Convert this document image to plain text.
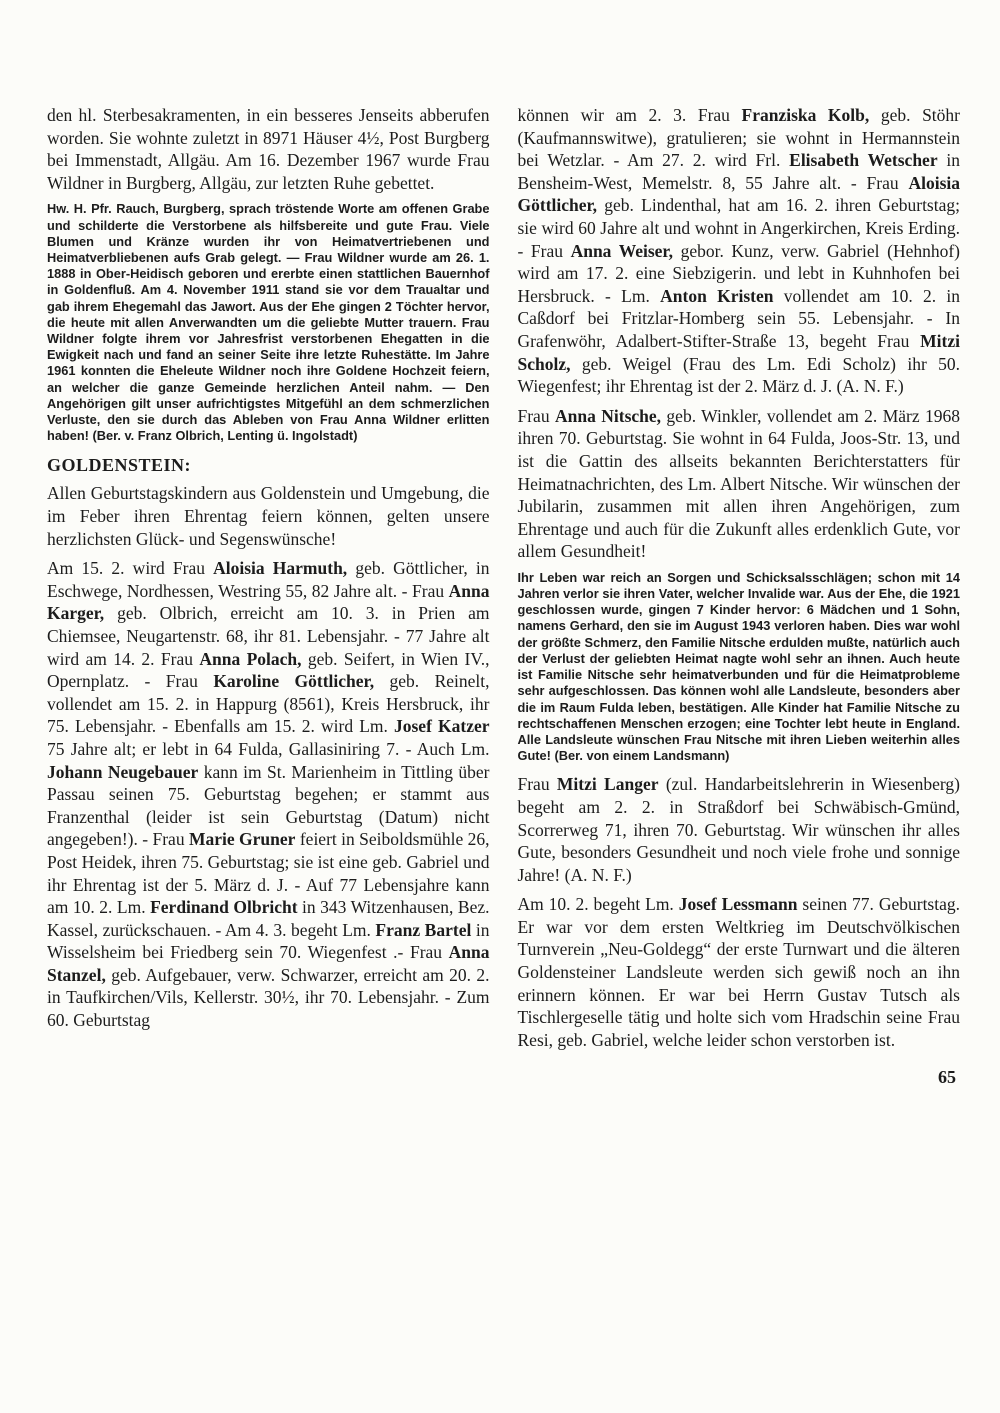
den hl. Sterbesakramenten, in ein besseres Jenseits abberufen worden. Sie wohnte zuletzt in 8971 Häuser 4½, Post Burgberg bei Immenstadt, Allgäu. Am 16. Dezember 1967 wurde Frau Wildner in Burgberg, Allgäu, zur letzten Ruhe gebettet.

Hw. H. Pfr. Rauch, Burgberg, sprach tröstende Worte am offenen Grabe und schilderte die Verstorbene als hilfsbereite und gute Frau. Viele Blumen und Kränze wurden ihr von Heimatvertriebenen und Heimatverbliebenen aufs Grab gelegt. — Frau Wildner wurde am 26. 1. 1888 in Ober-Heidisch geboren und ererbte einen stattlichen Bauernhof in Goldenfluß. Am 4. November 1911 stand sie vor dem Traualtar und gab ihrem Ehegemahl das Jawort. Aus der Ehe gingen 2 Töchter hervor, die heute mit allen Anverwandten um die geliebte Mutter trauern. Frau Wildner folgte ihrem vor Jahresfrist verstorbenen Ehegatten in die Ewigkeit nach und fand an seiner Seite ihre letzte Ruhestätte. Im Jahre 1961 konnten die Eheleute Wildner noch ihre Goldene Hochzeit feiern, an welcher die ganze Gemeinde herzlichen Anteil nahm. — Den Angehörigen gilt unser aufrichtigstes Mitgefühl an dem schmerzlichen Verluste, den sie durch das Ableben von Frau Anna Wildner erlitten haben! (Ber. v. Franz Olbrich, Lenting ü. Ingolstadt)

GOLDENSTEIN:

Allen Geburtstagskindern aus Goldenstein und Umgebung, die im Feber ihren Ehrentag feiern können, gelten unsere herzlichsten Glück- und Segenswünsche!

Am 15. 2. wird Frau Aloisia Harmuth, geb. Göttlicher, in Eschwege, Nordhessen, Westring 55, 82 Jahre alt. - Frau Anna Karger, geb. Olbrich, erreicht am 10. 3. in Prien am Chiemsee, Neugartenstr. 68, ihr 81. Lebensjahr. - 77 Jahre alt wird am 14. 2. Frau Anna Polach, geb. Seifert, in Wien IV., Opernplatz. - Frau Karoline Göttlicher, geb. Reinelt, vollendet am 15. 2. in Happurg (8561), Kreis Hersbruck, ihr 75. Lebensjahr. - Ebenfalls am 15. 2. wird Lm. Josef Katzer 75 Jahre alt; er lebt in 64 Fulda, Gallasiniring 7. - Auch Lm. Johann Neugebauer kann im St. Marienheim in Tittling über Passau seinen 75. Geburtstag begehen; er stammt aus Franzenthal (leider ist sein Geburtstag (Datum) nicht angegeben!). - Frau Marie Gruner feiert in Seiboldsmühle 26, Post Heidek, ihren 75. Geburtstag; sie ist eine geb. Gabriel und ihr Ehrentag ist der 5. März d. J. - Auf 77 Lebensjahre kann am 10. 2. Lm. Ferdinand Olbricht in 343 Witzenhausen, Bez. Kassel, zurückschauen. - Am 4. 3. begeht Lm. Franz Bartel in Wisselsheim bei Friedberg sein 70. Wiegenfest .- Frau Anna Stanzel, geb. Aufgebauer, verw. Schwarzer, erreicht am 20. 2. in Taufkirchen/Vils, Kellerstr. 30½, ihr 70. Lebensjahr. - Zum 60. Geburtstag

können wir am 2. 3. Frau Franziska Kolb, geb. Stöhr (Kaufmannswitwe), gratulieren; sie wohnt in Hermannstein bei Wetzlar. - Am 27. 2. wird Frl. Elisabeth Wetscher in Bensheim-West, Memelstr. 8, 55 Jahre alt. - Frau Aloisia Göttlicher, geb. Lindenthal, hat am 16. 2. ihren Geburtstag; sie wird 60 Jahre alt und wohnt in Angerkirchen, Kreis Erding. - Frau Anna Weiser, gebor. Kunz, verw. Gabriel (Hehnhof) wird am 17. 2. eine Siebzigerin. und lebt in Kuhnhofen bei Hersbruck. - Lm. Anton Kristen vollendet am 10. 2. in Caßdorf bei Fritzlar-Homberg sein 55. Lebensjahr. - In Grafenwöhr, Adalbert-Stifter-Straße 13, begeht Frau Mitzi Scholz, geb. Weigel (Frau des Lm. Edi Scholz) ihr 50. Wiegenfest; ihr Ehrentag ist der 2. März d. J. (A. N. F.)

Frau Anna Nitsche, geb. Winkler, vollendet am 2. März 1968 ihren 70. Geburtstag. Sie wohnt in 64 Fulda, Joos-Str. 13, und ist die Gattin des allseits bekannten Berichterstatters für Heimatnachrichten, des Lm. Albert Nitsche. Wir wünschen der Jubilarin, zusammen mit allen ihren Angehörigen, zum Ehrentage und auch für die Zukunft alles erdenklich Gute, vor allem Gesundheit!

Ihr Leben war reich an Sorgen und Schicksalsschlägen; schon mit 14 Jahren verlor sie ihren Vater, welcher Invalide war. Aus der Ehe, die 1921 geschlossen wurde, gingen 7 Kinder hervor: 6 Mädchen und 1 Sohn, namens Gerhard, den sie im August 1943 verloren haben. Dies war wohl der größte Schmerz, den Familie Nitsche erdulden mußte, natürlich auch der Verlust der geliebten Heimat nagte wohl sehr an ihnen. Auch heute ist Familie Nitsche sehr heimatverbunden und für die Heimatprobleme sehr aufgeschlossen. Das können wohl alle Landsleute, besonders aber die im Raum Fulda leben, bestätigen. Alle Kinder hat Familie Nitsche zu rechtschaffenen Menschen erzogen; eine Tochter lebt heute in England. Alle Landsleute wünschen Frau Nitsche mit ihren Lieben weiterhin alles Gute! (Ber. von einem Landsmann)

Frau Mitzi Langer (zul. Handarbeitslehrerin in Wiesenberg) begeht am 2. 2. in Straßdorf bei Schwäbisch-Gmünd, Scorrerweg 71, ihren 70. Geburtstag. Wir wünschen ihr alles Gute, besonders Gesundheit und noch viele frohe und sonnige Jahre! (A. N. F.)

Am 10. 2. begeht Lm. Josef Lessmann seinen 77. Geburtstag. Er war vor dem ersten Weltkrieg im Deutschvölkischen Turnverein „Neu-Goldegg“ der erste Turnwart und die älteren Goldensteiner Landsleute werden sich gewiß noch an ihn erinnern können. Er war bei Herrn Gustav Tutsch als Tischlergeselle tätig und holte sich vom Hradschin seine Frau Resi, geb. Gabriel, welche leider schon verstorben ist.

65
